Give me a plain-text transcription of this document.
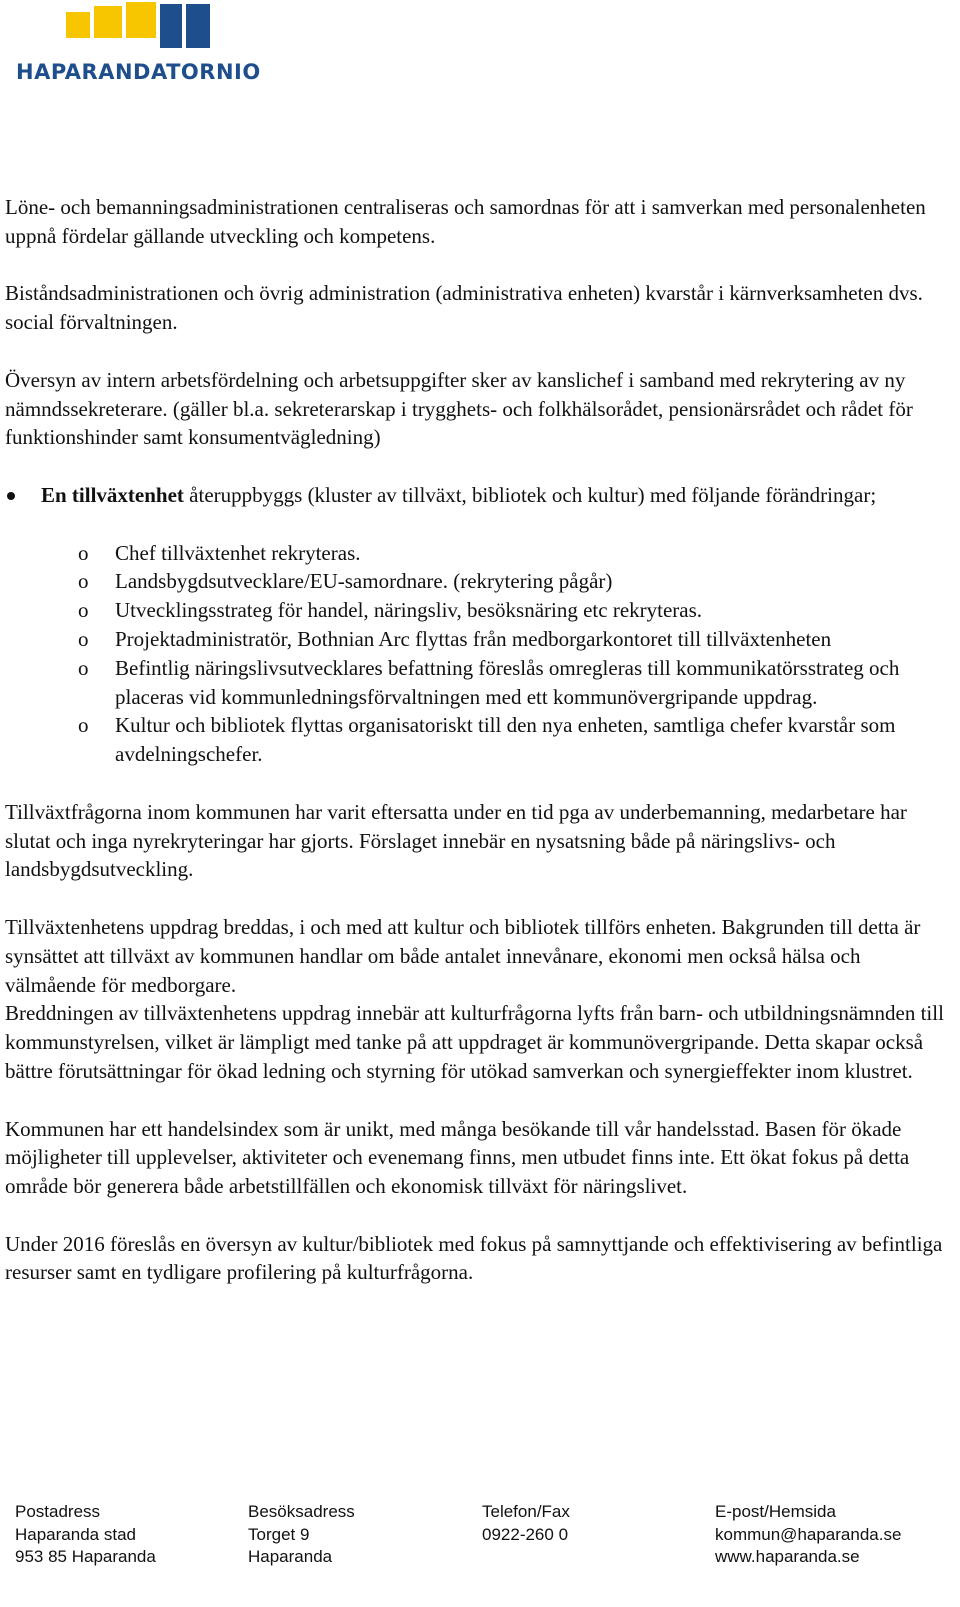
HAPARANDATORNIO

Löne- och bemanningsadministrationen centraliseras och samordnas för att i samverkan med personalenheten uppnå fördelar gällande utveckling och kompetens.

Biståndsadministrationen och övrig administration (administrativa enheten) kvarstår i kärnverksamheten dvs. social förvaltningen.

Översyn av intern arbetsfördelning och arbetsuppgifter sker av kanslichef i samband med rekrytering av ny nämndssekreterare. (gäller bl.a. sekreterarskap i trygghets- och folkhälsorådet, pensionärsrådet och rådet för funktionshinder samt konsumentvägledning)

En tillväxtenhet återuppbyggs (kluster av tillväxt, bibliotek och kultur) med följande förändringar;
o Chef tillväxtenhet rekryteras.
o Landsbygdsutvecklare/EU-samordnare. (rekrytering pågår)
o Utvecklingsstrateg för handel, näringsliv, besöksnäring etc rekryteras.
o Projektadministratör, Bothnian Arc flyttas från medborgarkontoret till tillväxtenheten
o Befintlig näringslivsutvecklares befattning föreslås omregleras till kommunikatörsstrateg och placeras vid kommunledningsförvaltningen med ett kommunövergripande uppdrag.
o Kultur och bibliotek flyttas organisatoriskt till den nya enheten, samtliga chefer kvarstår som avdelningschefer.

Tillväxtfrågorna inom kommunen har varit eftersatta under en tid pga av underbemanning, medarbetare har slutat och inga nyrekryteringar har gjorts. Förslaget innebär en nysatsning både på näringslivs- och landsbygdsutveckling.

Tillväxtenhetens uppdrag breddas, i och med att kultur och bibliotek tillförs enheten. Bakgrunden till detta är synsättet att tillväxt av kommunen handlar om både antalet innevånare, ekonomi men också hälsa och välmående för medborgare.

Breddningen av tillväxtenhetens uppdrag innebär att kulturfrågorna lyfts från barn- och utbildningsnämnden till kommunstyrelsen, vilket är lämpligt med tanke på att uppdraget är kommunövergripande. Detta skapar också bättre förutsättningar för ökad ledning och styrning för utökad samverkan och synergieffekter inom klustret.

Kommunen har ett handelsindex som är unikt, med många besökande till vår handelsstad. Basen för ökade möjligheter till upplevelser, aktiviteter och evenemang finns, men utbudet finns inte. Ett ökat fokus på detta område bör generera både arbetstillfällen och ekonomisk tillväxt för näringslivet.

Under 2016 föreslås en översyn av kultur/bibliotek med fokus på samnyttjande och effektivisering av befintliga resurser samt en tydligare profilering på kulturfrågorna.

Postadress
Haparanda stad
953 85 Haparanda
Besöksadress
Torget 9
Haparanda
Telefon/Fax
0922-260 0
E-post/Hemsida
kommun@haparanda.se
www.haparanda.se
